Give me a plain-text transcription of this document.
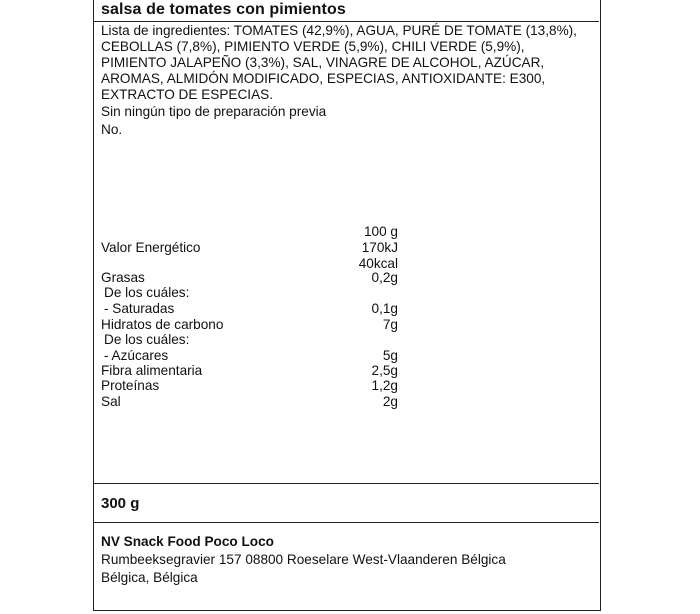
salsa de tomates con pimientos
Lista de ingredientes: TOMATES (42,9%), AGUA, PURÉ DE TOMATE (13,8%),
CEBOLLAS (7,8%), PIMIENTO VERDE (5,9%), CHILI VERDE (5,9%),
PIMIENTO JALAPEÑO (3,3%), SAL, VINAGRE DE ALCOHOL, AZÚCAR,
AROMAS, ALMIDÓN MODIFICADO, ESPECIAS, ANTIOXIDANTE: E300,
EXTRACTO DE ESPECIAS.
Sin ningún tipo de preparación previa
No.
100 g
Valor Energético	170kJ
40kcal
Grasas	0,2g
De los cuáles:
- Saturadas	0,1g
Hidratos de carbono	7g
De los cuáles:
- Azúcares	5g
Fibra alimentaria	2,5g
Proteínas	1,2g
Sal	2g
300 g
NV Snack Food Poco Loco
Rumbeeksegravier 157 08800 Roeselare West-Vlaanderen Bélgica
Bélgica, Bélgica
